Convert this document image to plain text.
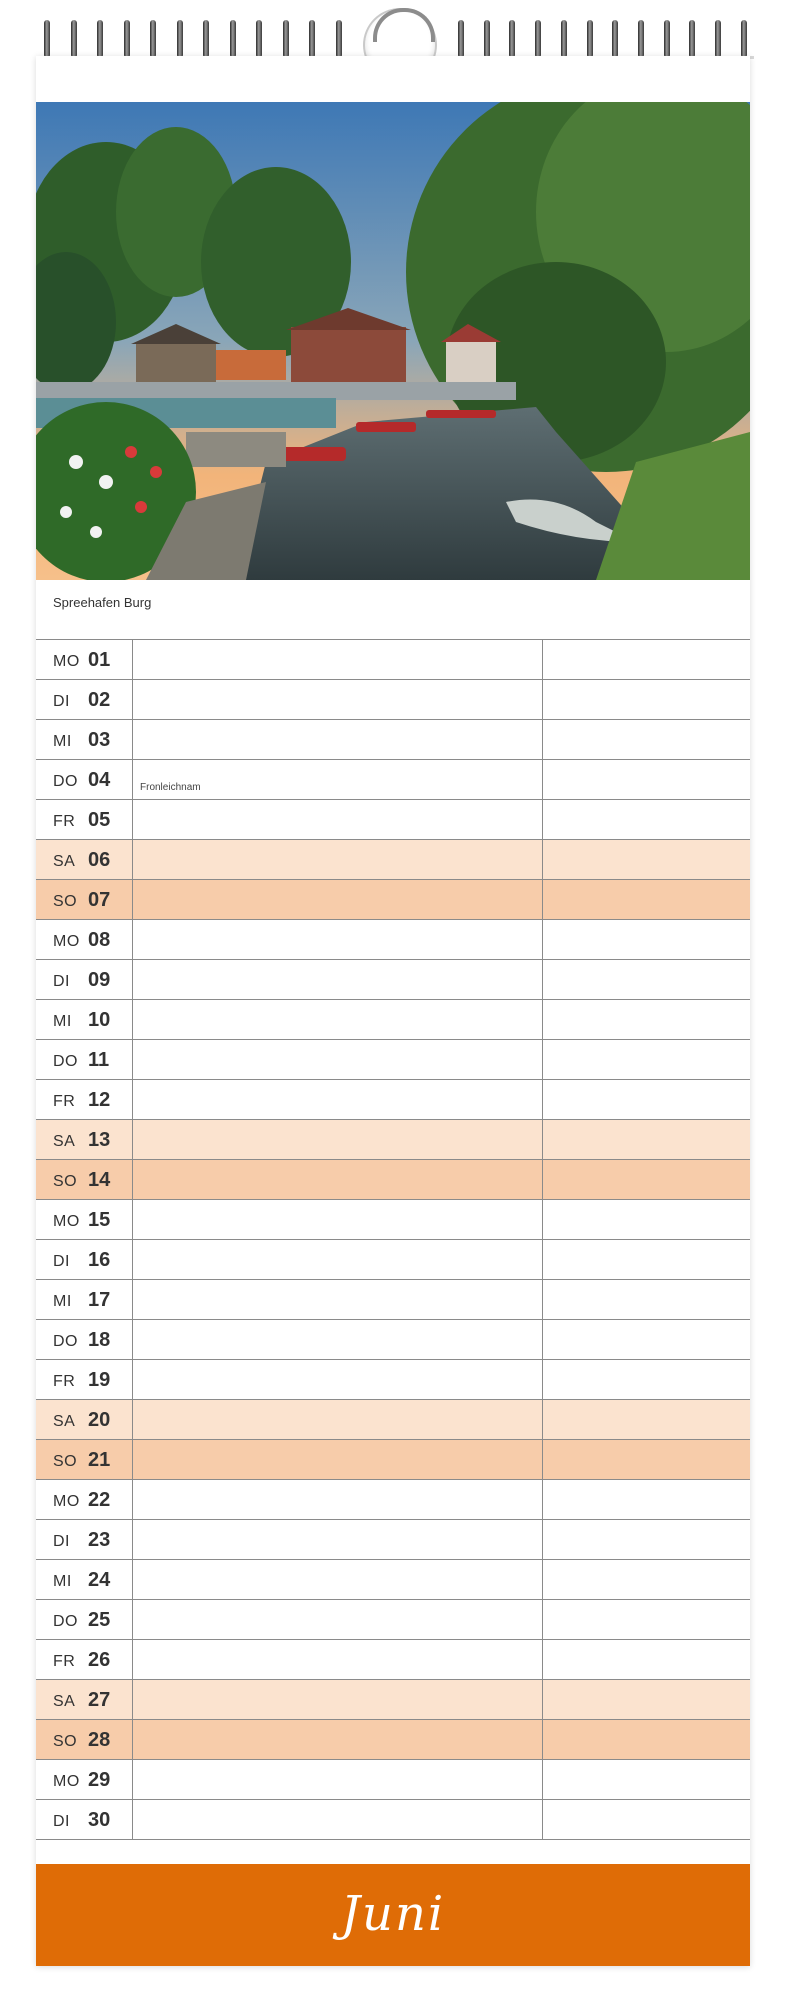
Spreehafen Burg
MO 01
DI 02
MI 03
DO 04	Fronleichnam
FR 05
SA 06
SO 07
MO 08
DI 09
MI 10
DO 11
FR 12
SA 13
SO 14
MO 15
DI 16
MI 17
DO 18
FR 19
SA 20
SO 21
MO 22
DI 23
MI 24
DO 25
FR 26
SA 27
SO 28
MO 29
DI 30
Juni
